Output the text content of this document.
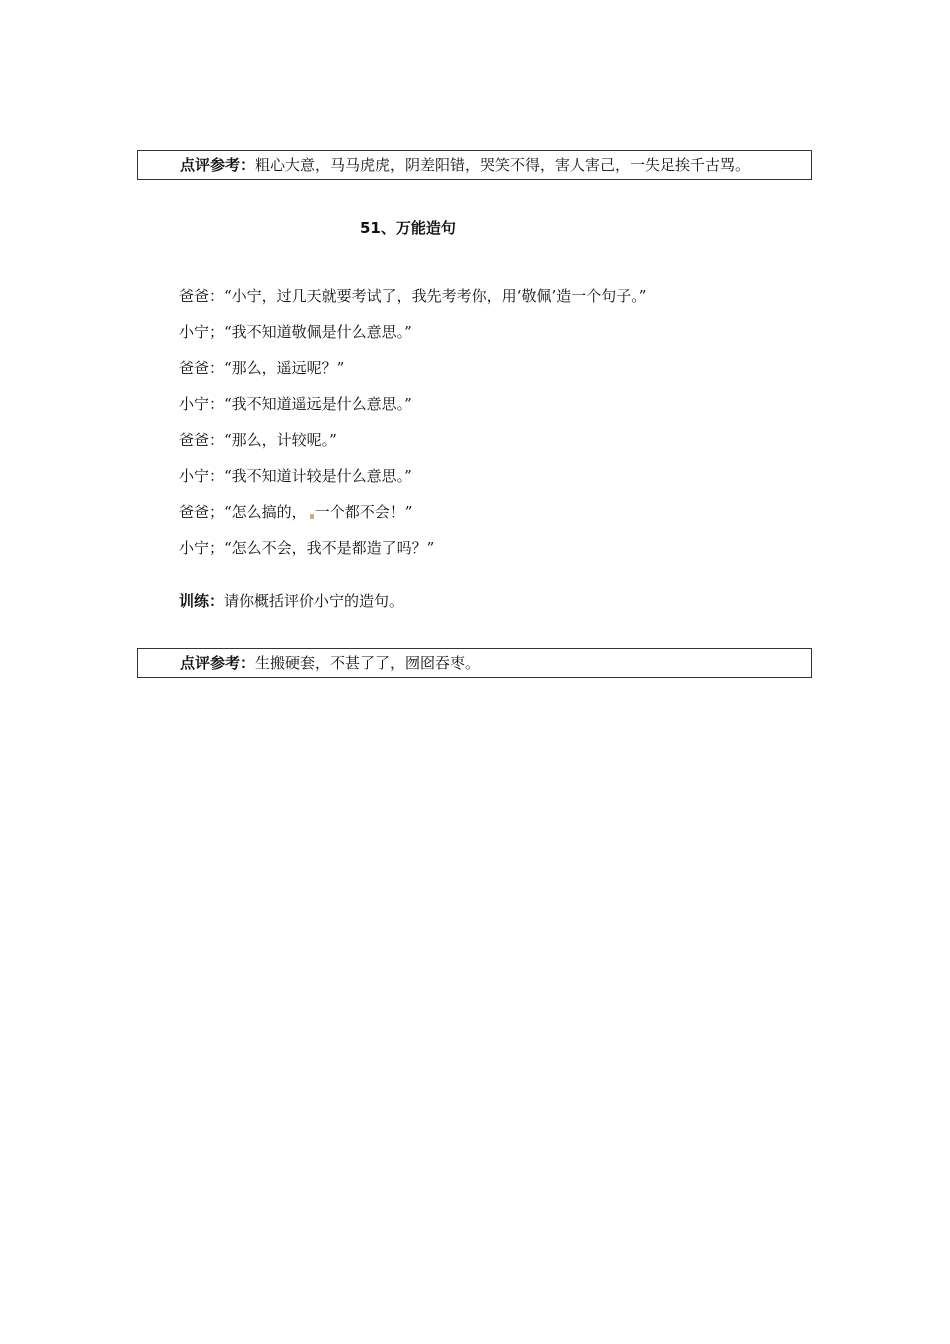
点评参考：粗心大意，马马虎虎，阴差阳错，哭笑不得，害人害己，一失足挨千古骂。
51、万能造句
爸爸：“小宁，过几天就要考试了，我先考考你，用‘敬佩’造一个句子。”
小宁；“我不知道敬佩是什么意思。”
爸爸：“那么，遥远呢？”
小宁：“我不知道遥远是什么意思。”
爸爸：“那么，计较呢。”
小宁：“我不知道计较是什么意思。”
爸爸；“怎么搞的， 一个都不会！”
小宁；“怎么不会，我不是都造了吗？”
训练：请你概括评价小宁的造句。
点评参考：生搬硬套，不甚了了，囫囵吞枣。
